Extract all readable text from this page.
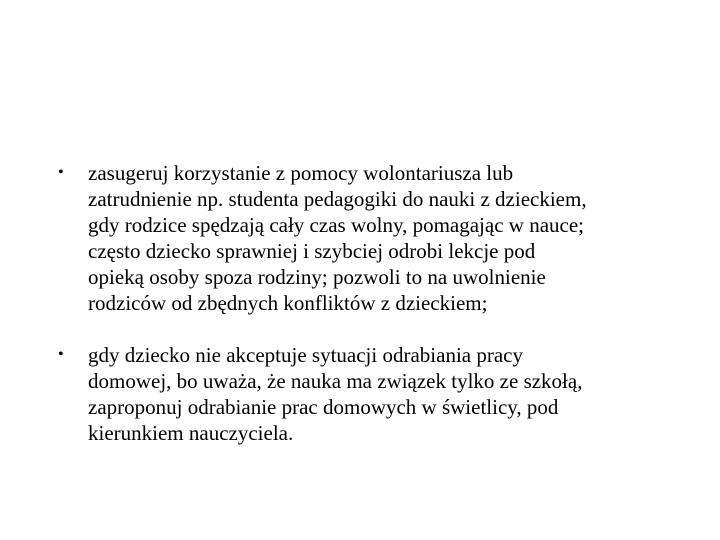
•	zasugeruj korzystanie z pomocy wolontariusza lub
zatrudnienie np. studenta pedagogiki do nauki z dzieckiem,
gdy rodzice spędzają cały czas wolny, pomagając w nauce;
często dziecko sprawniej i szybciej odrobi lekcje pod
opieką osoby spoza rodziny; pozwoli to na uwolnienie
rodziców od zbędnych konfliktów z dzieckiem;
•	gdy dziecko nie akceptuje sytuacji odrabiania pracy
domowej, bo uważa, że nauka ma związek tylko ze szkołą,
zaproponuj odrabianie prac domowych w świetlicy, pod
kierunkiem nauczyciela.
